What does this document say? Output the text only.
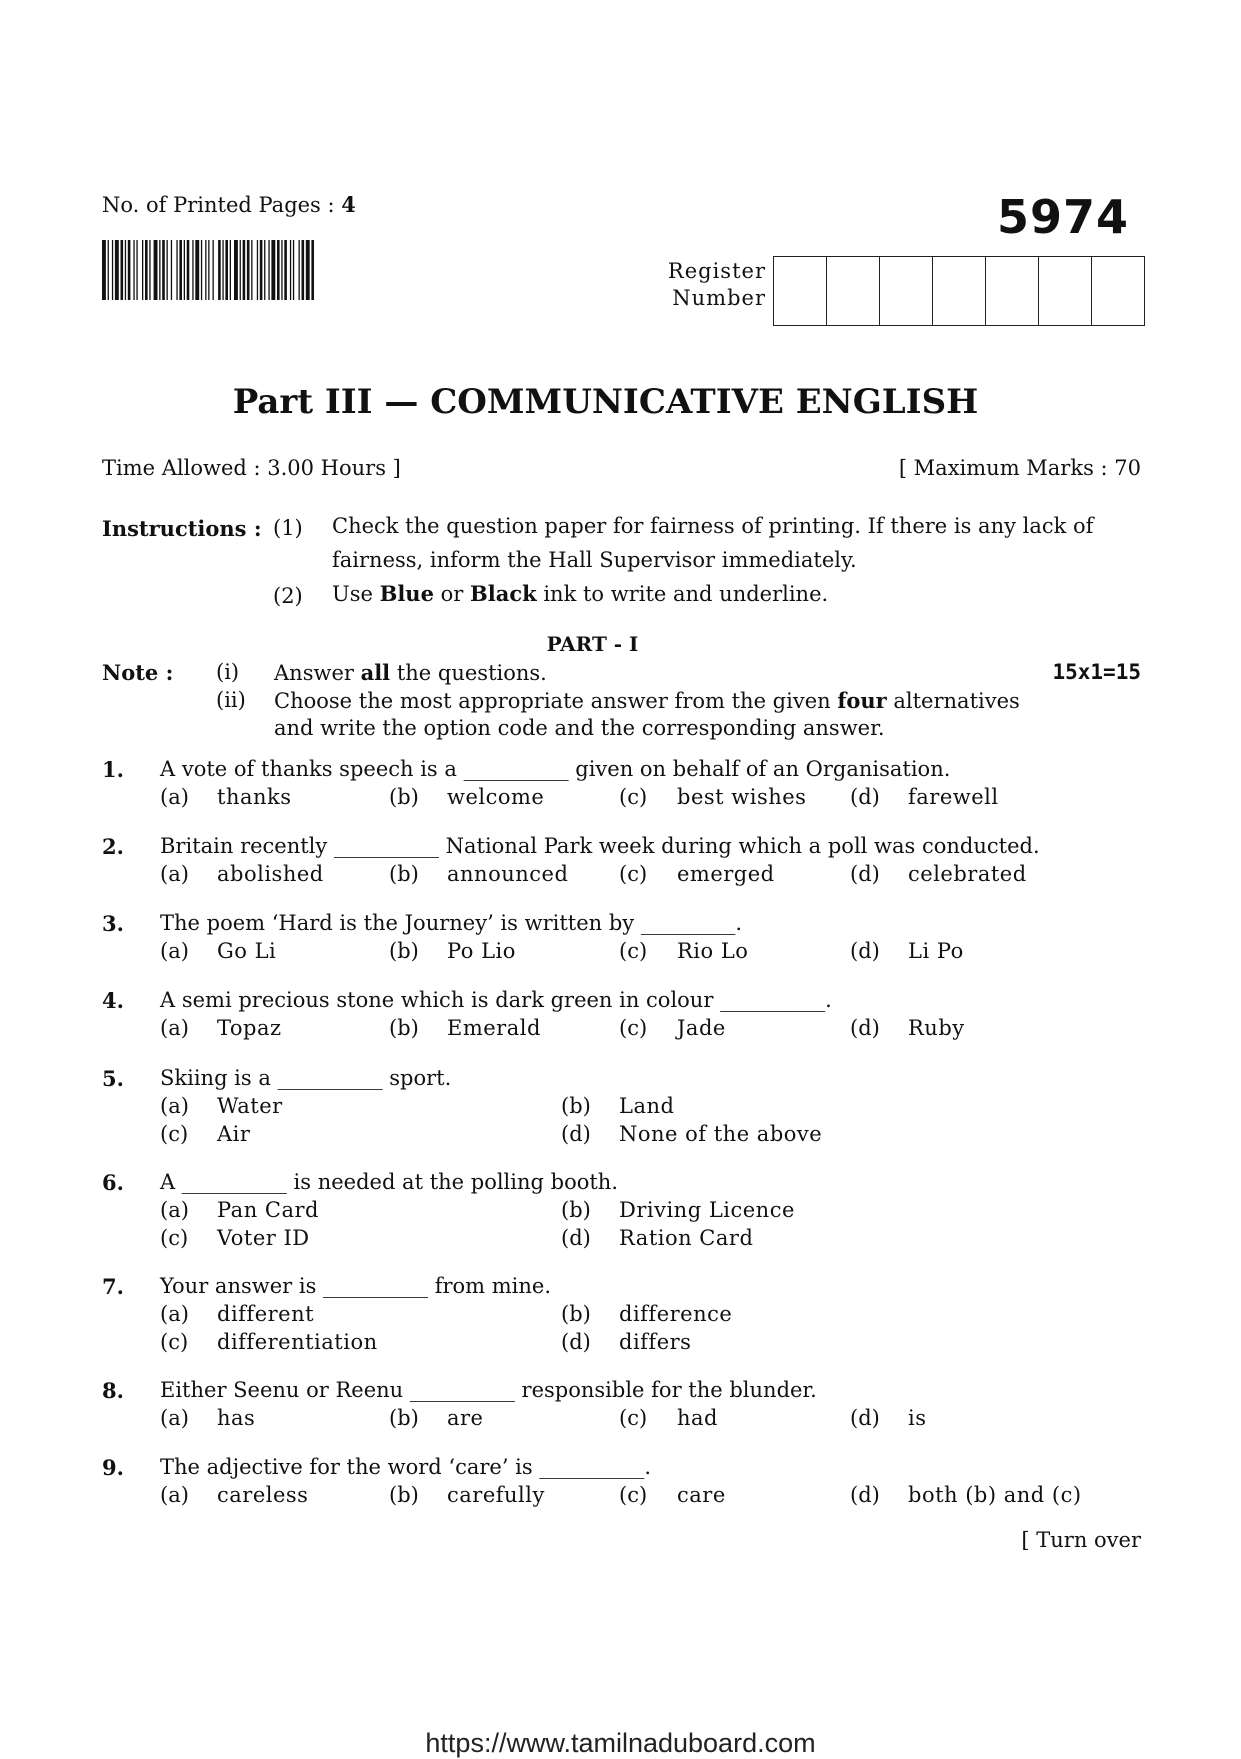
No. of Printed Pages : 4	5974
Register
Number
Part III — COMMUNICATIVE ENGLISH
Time Allowed : 3.00 Hours ]	[ Maximum Marks : 70
Instructions : (1) Check the question paper for fairness of printing. If there is any lack of
fairness, inform the Hall Supervisor immediately.
(2) Use Blue or Black ink to write and underline.
PART - I
Note :	15x1=15
(i) Answer all the questions.
(ii) Choose the most appropriate answer from the given four alternatives
and write the option code and the corresponding answer.
1. A vote of thanks speech is a __________ given on behalf of an Organisation.
(a) thanks	(b) welcome	(c) best wishes (d) farewell
2. Britain recently __________ National Park week during which a poll was conducted.
(a) abolished	(b) announced (c) emerged	(d) celebrated
3. The poem ‘Hard is the Journey’ is written by _________.
(a) Go Li	(b) Po Lio	(c) Rio Lo	(d) Li Po
4. A semi precious stone which is dark green in colour __________.
(a) Topaz	(b) Emerald	(c) Jade	(d) Ruby
5. Skiing is a __________ sport.
(a) Water	(b) Land
(c) Air	(d) None of the above
6. A __________ is needed at the polling booth.
(a) Pan Card	(b) Driving Licence
(c) Voter ID	(d) Ration Card
7. Your answer is __________ from mine.
(a) different	(b) difference
(c) differentiation	(d) differs
8. Either Seenu or Reenu __________ responsible for the blunder.
(a) has	(b) are	(c) had	(d) is
9. The adjective for the word ‘care’ is __________.
(a) careless	(b) carefully	(c) care	(d) both (b) and (c)
[ Turn over
https://www.tamilnaduboard.com
